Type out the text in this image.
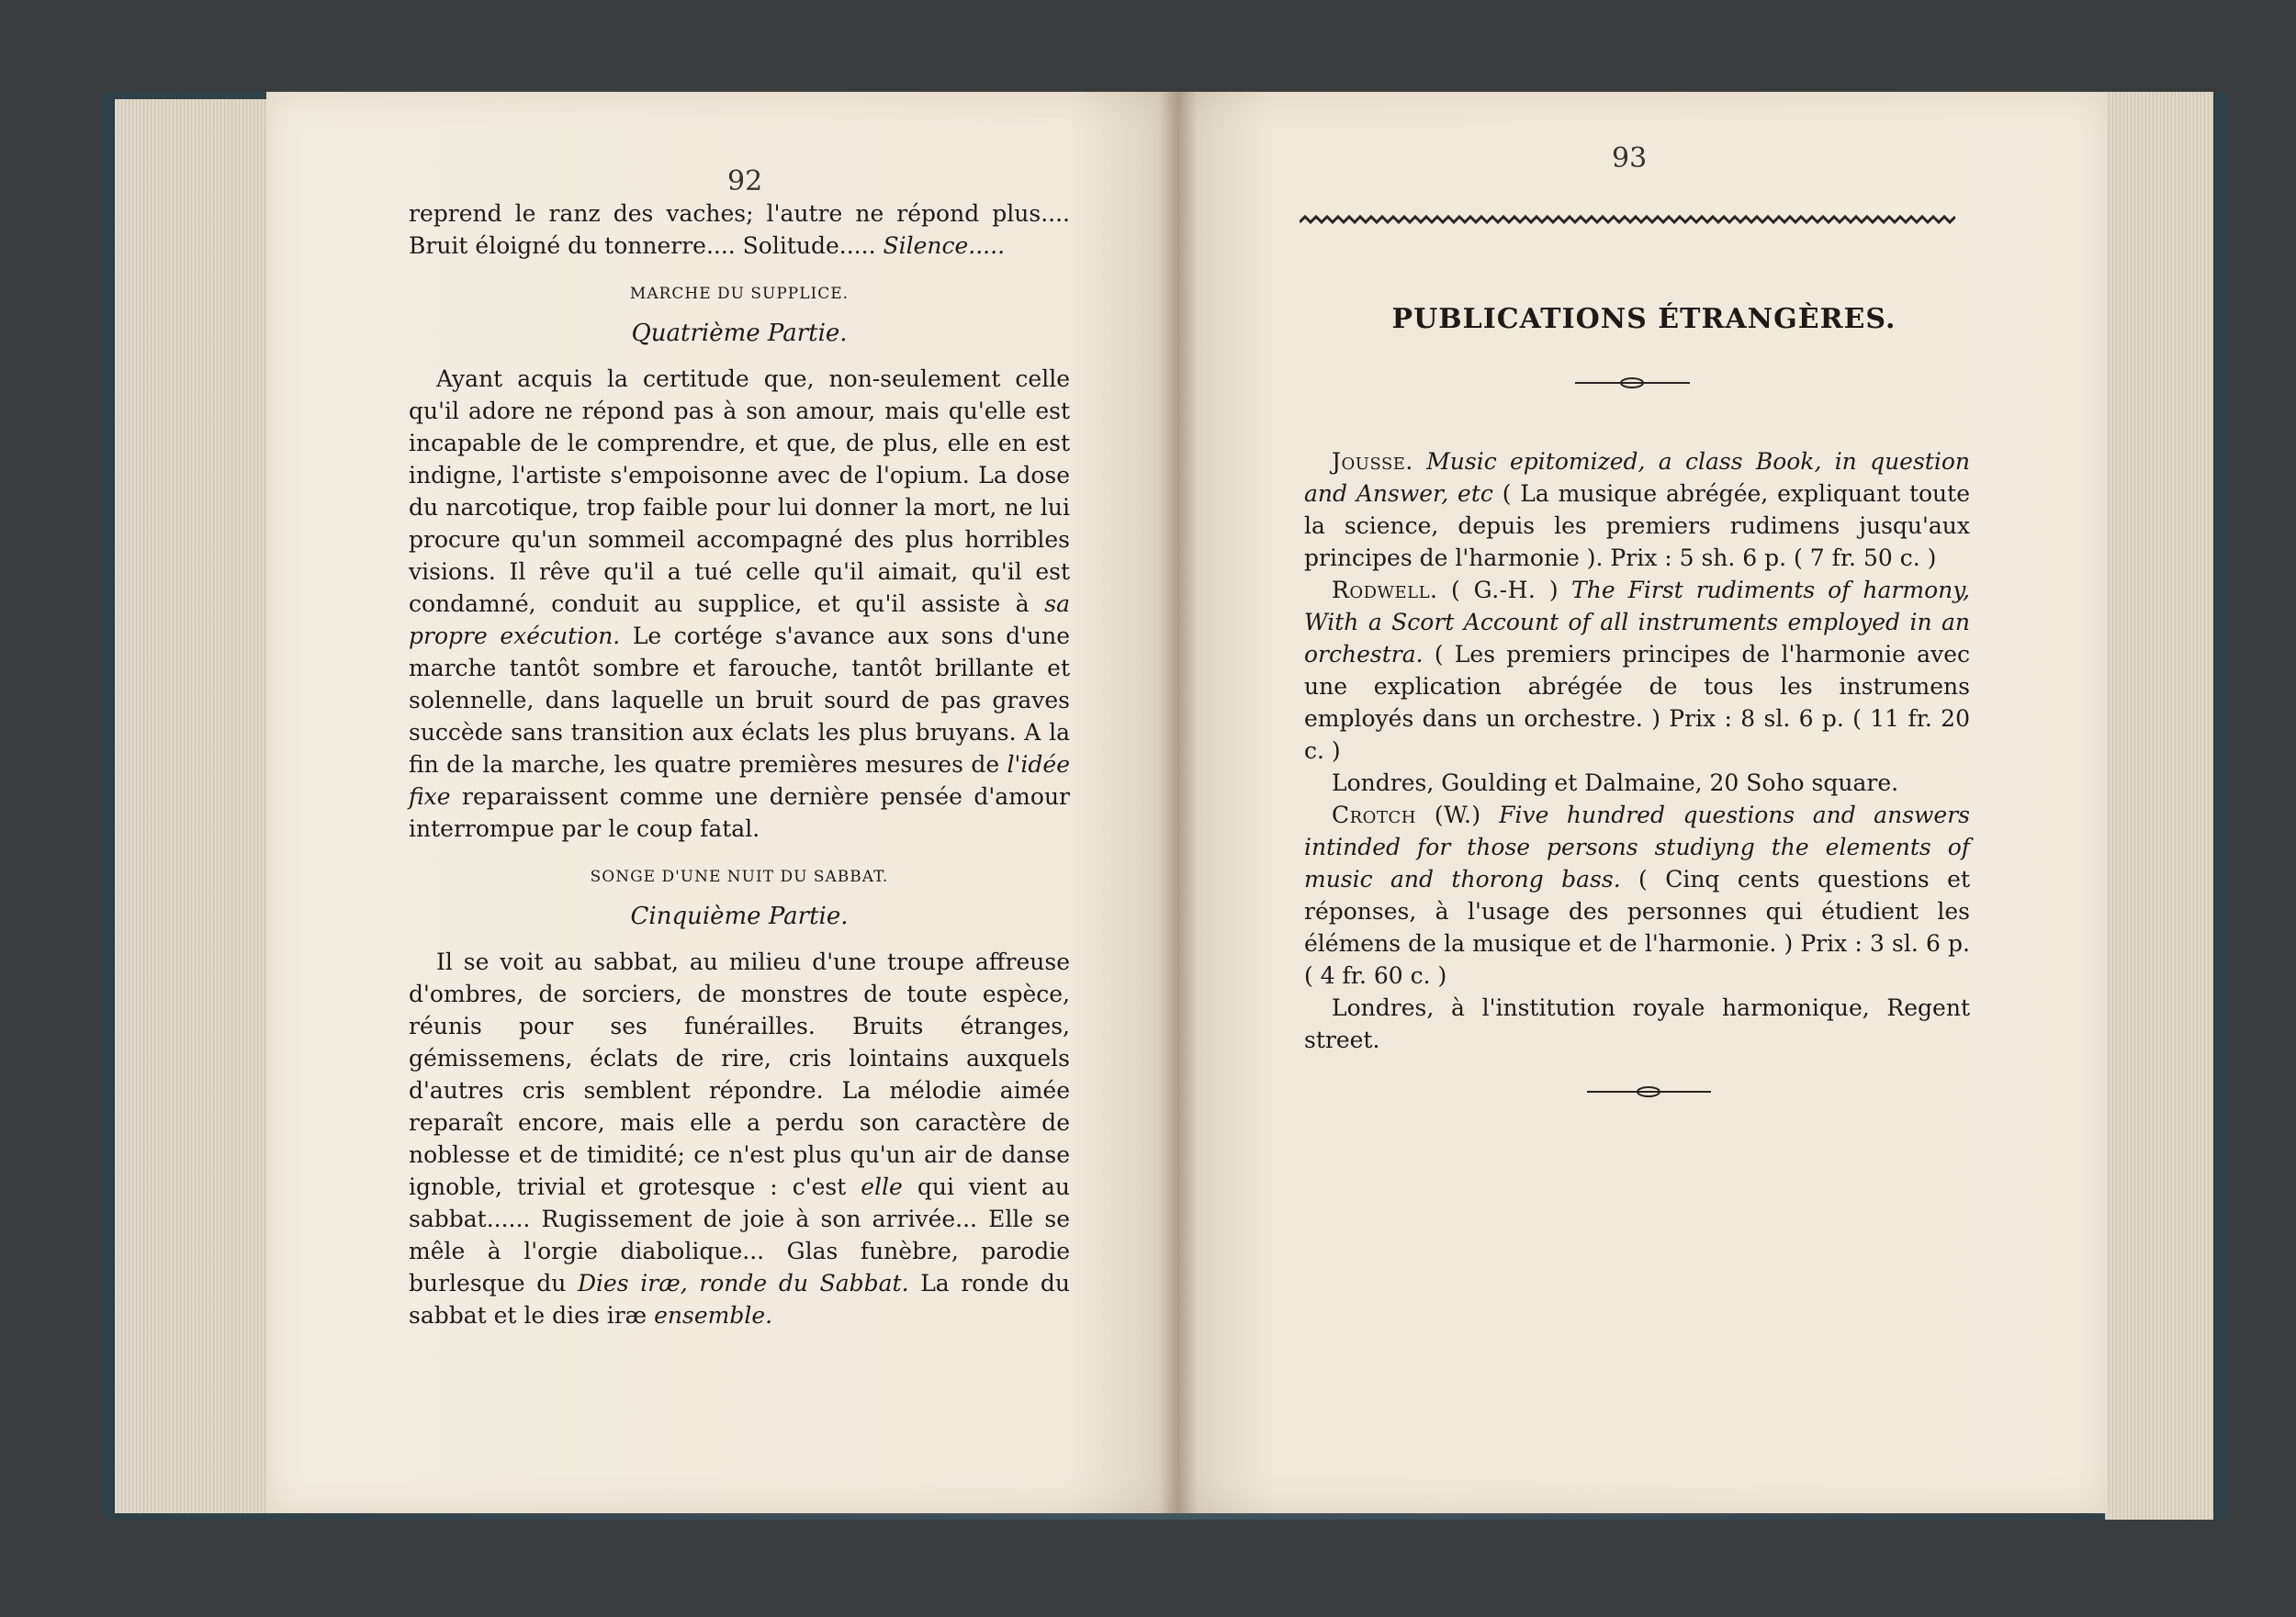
92

reprend le ranz des vaches; l'autre ne répond plus.... Bruit éloigné du tonnerre.... Solitude..... Silence.....

MARCHE DU SUPPLICE.
Quatrième Partie.

Ayant acquis la certitude que, non-seulement celle qu'il adore ne répond pas à son amour, mais qu'elle est incapable de le comprendre, et que, de plus, elle en est indigne, l'artiste s'empoisonne avec de l'opium. La dose du narcotique, trop faible pour lui donner la mort, ne lui procure qu'un sommeil accompagné des plus horribles visions. Il rêve qu'il a tué celle qu'il aimait, qu'il est condamné, conduit au supplice, et qu'il assiste à sa propre exécution. Le cortége s'avance aux sons d'une marche tantôt sombre et farouche, tantôt brillante et solennelle, dans laquelle un bruit sourd de pas graves succède sans transition aux éclats les plus bruyans. A la fin de la marche, les quatre premières mesures de l'idée fixe reparaissent comme une dernière pensée d'amour interrompue par le coup fatal.

SONGE D'UNE NUIT DU SABBAT.
Cinquième Partie.

Il se voit au sabbat, au milieu d'une troupe affreuse d'ombres, de sorciers, de monstres de toute espèce, réunis pour ses funérailles. Bruits étranges, gémissemens, éclats de rire, cris lointains auxquels d'autres cris semblent répondre. La mélodie aimée reparaît encore, mais elle a perdu son caractère de noblesse et de timidité; ce n'est plus qu'un air de danse ignoble, trivial et grotesque : c'est elle qui vient au sabbat...... Rugissement de joie à son arrivée... Elle se mêle à l'orgie diabolique... Glas funèbre, parodie burlesque du Dies iræ, ronde du Sabbat. La ronde du sabbat et le dies iræ ensemble.

93
PUBLICATIONS ÉTRANGÈRES.

Jousse. Music epitomized, a class Book, in question and Answer, etc ( La musique abrégée, expliquant toute la science, depuis les premiers rudimens jusqu'aux principes de l'harmonie ). Prix : 5 sh. 6 p. ( 7 fr. 50 c. )

Rodwell. ( G.-H. ) The First rudiments of harmony, With a Scort Account of all instruments employed in an orchestra. ( Les premiers principes de l'harmonie avec une explication abrégée de tous les instrumens employés dans un orchestre. ) Prix : 8 sl. 6 p. ( 11 fr. 20 c. )

Londres, Goulding et Dalmaine, 20 Soho square.

Crotch (W.) Five hundred questions and answers intinded for those persons studiyng the elements of music and thorong bass. ( Cinq cents questions et réponses, à l'usage des personnes qui étudient les élémens de la musique et de l'harmonie. ) Prix : 3 sl. 6 p. ( 4 fr. 60 c. )

Londres, à l'institution royale harmonique, Regent street.
